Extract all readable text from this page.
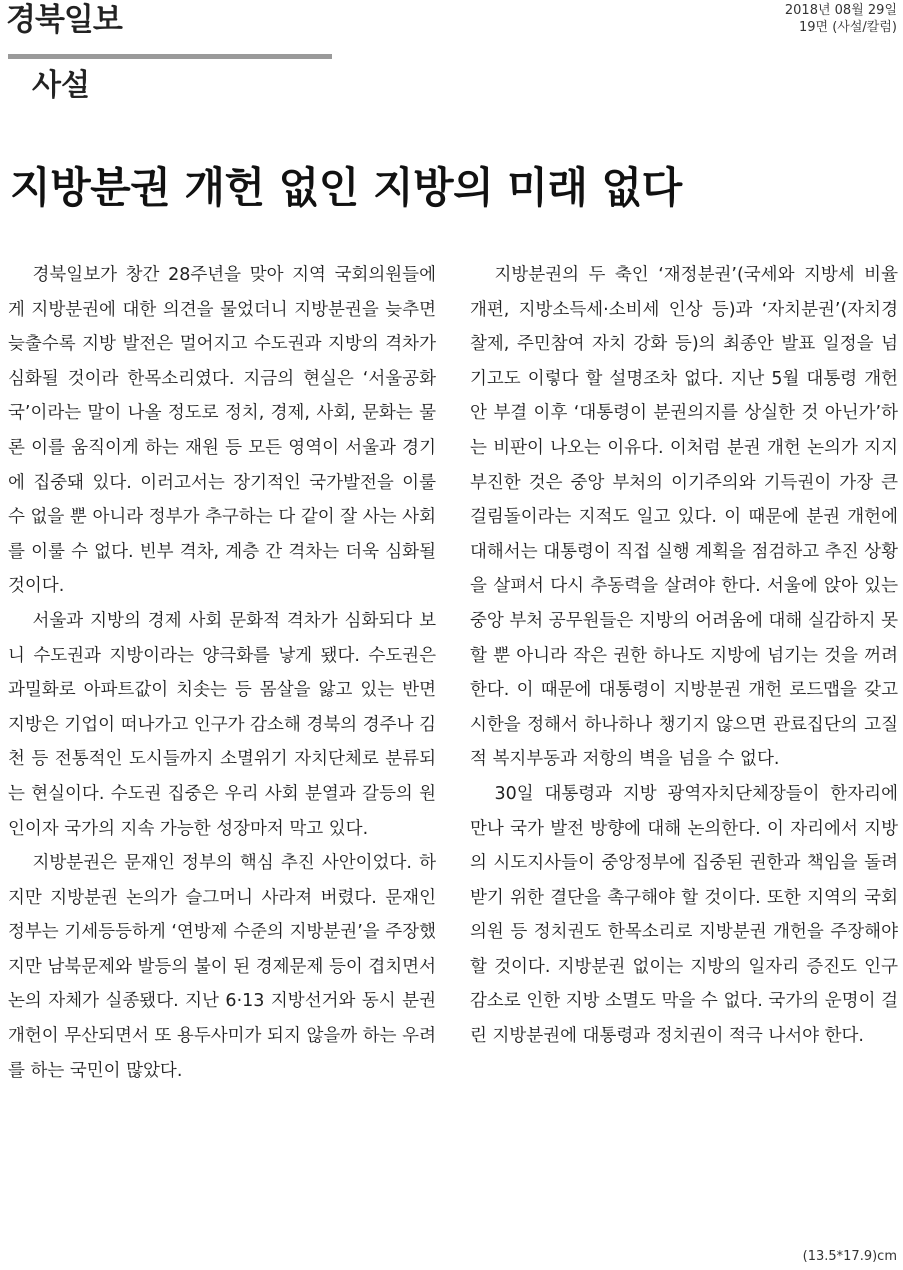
경북일보	2018년 08월 29일
19면 (사설/칼럼)
사설
지방분권 개헌 없인 지방의 미래 없다

경북일보가 창간 28주년을 맞아 지역 국회의원들에게 지방분권에 대한 의견을 물었더니 지방분권을 늦추면 늦출수록 지방 발전은 멀어지고 수도권과 지방의 격차가 심화될 것이라 한목소리였다. 지금의 현실은 ‘서울공화국’이라는 말이 나올 정도로 정치, 경제, 사회, 문화는 물론 이를 움직이게 하는 재원 등 모든 영역이 서울과 경기에 집중돼 있다. 이러고서는 장기적인 국가발전을 이룰 수 없을 뿐 아니라 정부가 추구하는 다 같이 잘 사는 사회를 이룰 수 없다. 빈부 격차, 계층 간 격차는 더욱 심화될 것이다.

서울과 지방의 경제 사회 문화적 격차가 심화되다 보니 수도권과 지방이라는 양극화를 낳게 됐다. 수도권은 과밀화로 아파트값이 치솟는 등 몸살을 앓고 있는 반면 지방은 기업이 떠나가고 인구가 감소해 경북의 경주나 김천 등 전통적인 도시들까지 소멸위기 자치단체로 분류되는 현실이다. 수도권 집중은 우리 사회 분열과 갈등의 원인이자 국가의 지속 가능한 성장마저 막고 있다.

지방분권은 문재인 정부의 핵심 추진 사안이었다. 하지만 지방분권 논의가 슬그머니 사라져 버렸다. 문재인 정부는 기세등등하게 ‘연방제 수준의 지방분권’을 주장했지만 남북문제와 발등의 불이 된 경제문제 등이 겹치면서 논의 자체가 실종됐다. 지난 6·13 지방선거와 동시 분권 개헌이 무산되면서 또 용두사미가 되지 않을까 하는 우려를 하는 국민이 많았다.

지방분권의 두 축인 ‘재정분권’(국세와 지방세 비율 개편, 지방소득세·소비세 인상 등)과 ‘자치분권’(자치경찰제, 주민참여 자치 강화 등)의 최종안 발표 일정을 넘기고도 이렇다 할 설명조차 없다. 지난 5월 대통령 개헌안 부결 이후 ‘대통령이 분권의지를 상실한 것 아닌가’하는 비판이 나오는 이유다. 이처럼 분권 개헌 논의가 지지부진한 것은 중앙 부처의 이기주의와 기득권이 가장 큰 걸림돌이라는 지적도 일고 있다. 이 때문에 분권 개헌에 대해서는 대통령이 직접 실행 계획을 점검하고 추진 상황을 살펴서 다시 추동력을 살려야 한다. 서울에 앉아 있는 중앙 부처 공무원들은 지방의 어려움에 대해 실감하지 못할 뿐 아니라 작은 권한 하나도 지방에 넘기는 것을 꺼려 한다. 이 때문에 대통령이 지방분권 개헌 로드맵을 갖고 시한을 정해서 하나하나 챙기지 않으면 관료집단의 고질적 복지부동과 저항의 벽을 넘을 수 없다.

30일 대통령과 지방 광역자치단체장들이 한자리에 만나 국가 발전 방향에 대해 논의한다. 이 자리에서 지방의 시도지사들이 중앙정부에 집중된 권한과 책임을 돌려받기 위한 결단을 촉구해야 할 것이다. 또한 지역의 국회의원 등 정치권도 한목소리로 지방분권 개헌을 주장해야 할 것이다. 지방분권 없이는 지방의 일자리 증진도 인구 감소로 인한 지방 소멸도 막을 수 없다. 국가의 운명이 걸린 지방분권에 대통령과 정치권이 적극 나서야 한다.

(13.5*17.9)cm
